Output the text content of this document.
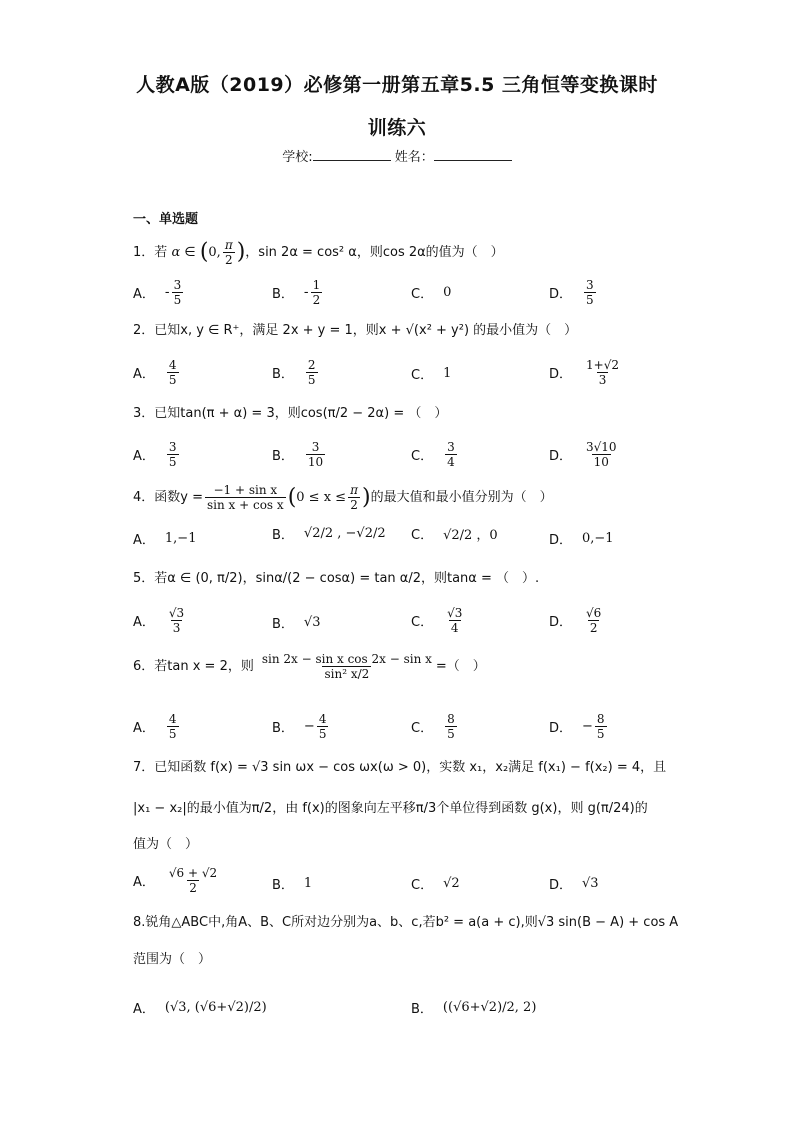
人教A版（2019）必修第一册第五章5.5 三角恒等变换课时
训练六
学校:	姓名：
一、单选题
1．若 α ∈ (0, $\frac{\pi}{2}$ )，sin 2α = cos² α，则cos 2α的值为（　）
A． - $\frac{3}{5}$	B． - $\frac{1}{2}$	C． 0	D． $\frac{3}{5}$
2．已知x, y ∈ R⁺，满足 2x + y = 1，则x + √(x² + y²) 的最小值为（　）
A． $\frac{4}{5}$	B． $\frac{2}{5}$	C． 1	D． $\frac{1+√2}{3}$
3．已知tan(π + α) = 3，则cos(π/2 − 2α) = （　）
A． $\frac{3}{5}$	B． $\frac{3}{10}$	C． $\frac{3}{4}$	D． $\frac{3√10}{10}$
4． 函数$y = \frac{\text{−1 + sin x}}{\text{sin x + cos x}}$ ( $0 \le x \le \frac{\pi}{2}$ ) 的最大值和最小值分别为（　）
A． 1,−1	B． √2/2 , −√2/2 C． √2/2 ，0	D． 0,−1
5．若α ∈ (0, π/2)，sinα/(2 − cosα) = tan α/2，则tanα = （　）.
A． $\frac{√3}{3}$	B． √3	C． $\frac{√3}{4}$	D． $\frac{√6}{2}$
6． 若tan x = 2，则 $\frac{\text{sin 2x − sin x cos 2x − sin x}}{\text{sin² x/2}}$ =（　）
A． $\frac{4}{5}$	B． − $\frac{4}{5}$	C． $\frac{8}{5}$	D． − $\frac{8}{5}$
7．已知函数 f(x) = √3 sin ωx − cos ωx(ω > 0)，实数 x₁，x₂满足 f(x₁) − f(x₂) = 4，且
|x₁ − x₂|的最小值为π/2，由 f(x)的图象向左平移π/3个单位得到函数 g(x)，则 g(π/24)的
值为（　）
A． $\frac{√6 + √2}{2}$	B． 1	C． √2	D． √3
8.锐角△ABC中,角A、B、C所对边分别为a、b、c,若b² = a(a + c),则√3 sin(B − A) + cos A
范围为（　）
A． (√3, (√6+√2)/2)	B． ((√6+√2)/2, 2)
